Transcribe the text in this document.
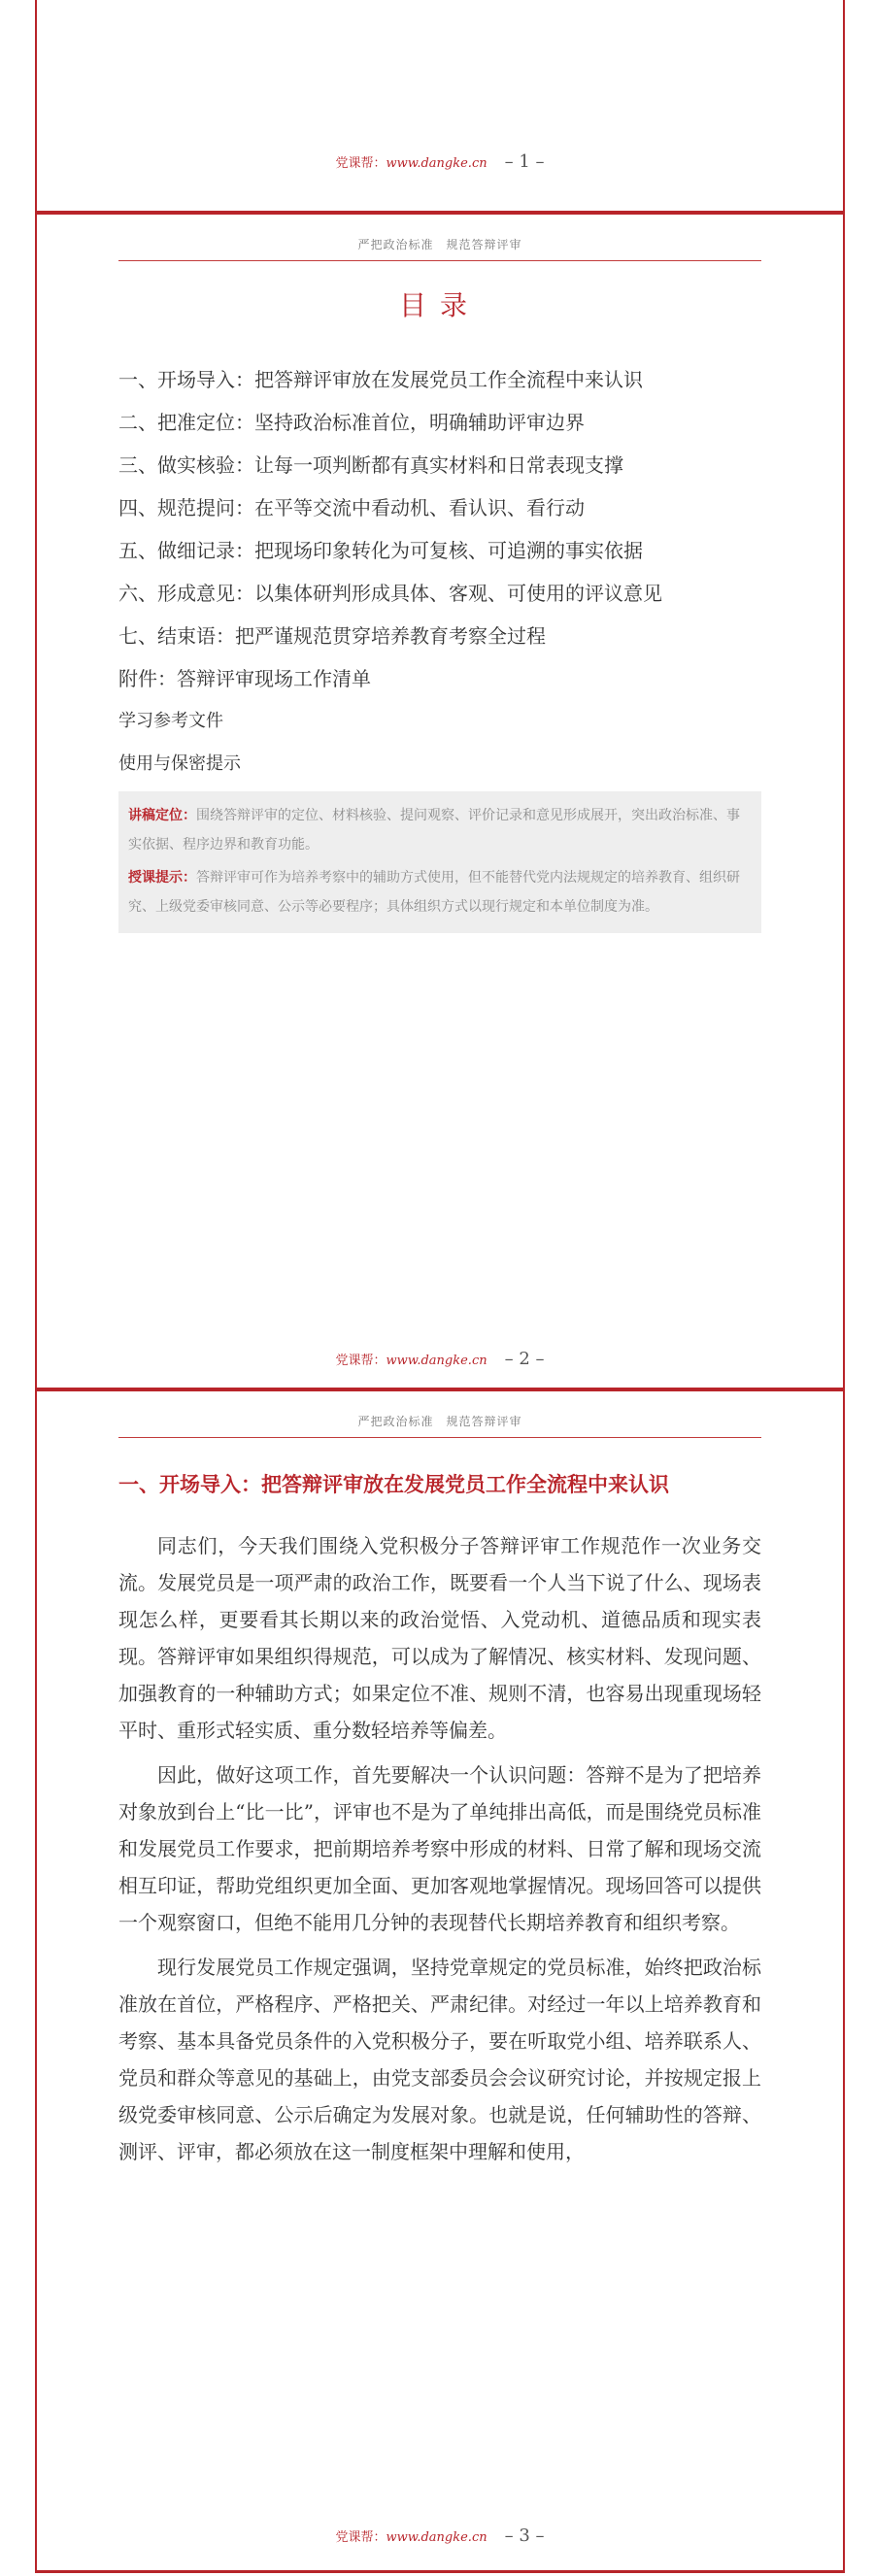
党课帮：www.dangke.cn – 1 –
严把政治标准　规范答辩评审
目录
一、开场导入：把答辩评审放在发展党员工作全流程中来认识
二、把准定位：坚持政治标准首位，明确辅助评审边界
三、做实核验：让每一项判断都有真实材料和日常表现支撑
四、规范提问：在平等交流中看动机、看认识、看行动
五、做细记录：把现场印象转化为可复核、可追溯的事实依据
六、形成意见：以集体研判形成具体、客观、可使用的评议意见
七、结束语：把严谨规范贯穿培养教育考察全过程
附件：答辩评审现场工作清单
学习参考文件
使用与保密提示
讲稿定位：围绕答辩评审的定位、材料核验、提问观察、评价记录和意见形成展开，突出政治标准、事实依据、程序边界和教育功能。
授课提示：答辩评审可作为培养考察中的辅助方式使用，但不能替代党内法规规定的培养教育、组织研究、上级党委审核同意、公示等必要程序；具体组织方式以现行规定和本单位制度为准。
党课帮：www.dangke.cn – 2 –
严把政治标准　规范答辩评审
一、开场导入：把答辩评审放在发展党员工作全流程中来认识

同志们，今天我们围绕入党积极分子答辩评审工作规范作一次业务交流。发展党员是一项严肃的政治工作，既要看一个人当下说了什么、现场表现怎么样，更要看其长期以来的政治觉悟、入党动机、道德品质和现实表现。答辩评审如果组织得规范，可以成为了解情况、核实材料、发现问题、加强教育的一种辅助方式；如果定位不准、规则不清，也容易出现重现场轻平时、重形式轻实质、重分数轻培养等偏差。

因此，做好这项工作，首先要解决一个认识问题：答辩不是为了把培养对象放到台上“比一比”，评审也不是为了单纯排出高低，而是围绕党员标准和发展党员工作要求，把前期培养考察中形成的材料、日常了解和现场交流相互印证，帮助党组织更加全面、更加客观地掌握情况。现场回答可以提供一个观察窗口，但绝不能用几分钟的表现替代长期培养教育和组织考察。

现行发展党员工作规定强调，坚持党章规定的党员标准，始终把政治标准放在首位，严格程序、严格把关、严肃纪律。对经过一年以上培养教育和考察、基本具备党员条件的入党积极分子，要在听取党小组、培养联系人、党员和群众等意见的基础上，由党支部委员会会议研究讨论，并按规定报上级党委审核同意、公示后确定为发展对象。也就是说，任何辅助性的答辩、测评、评审，都必须放在这一制度框架中理解和使用，

党课帮：www.dangke.cn – 3 –
